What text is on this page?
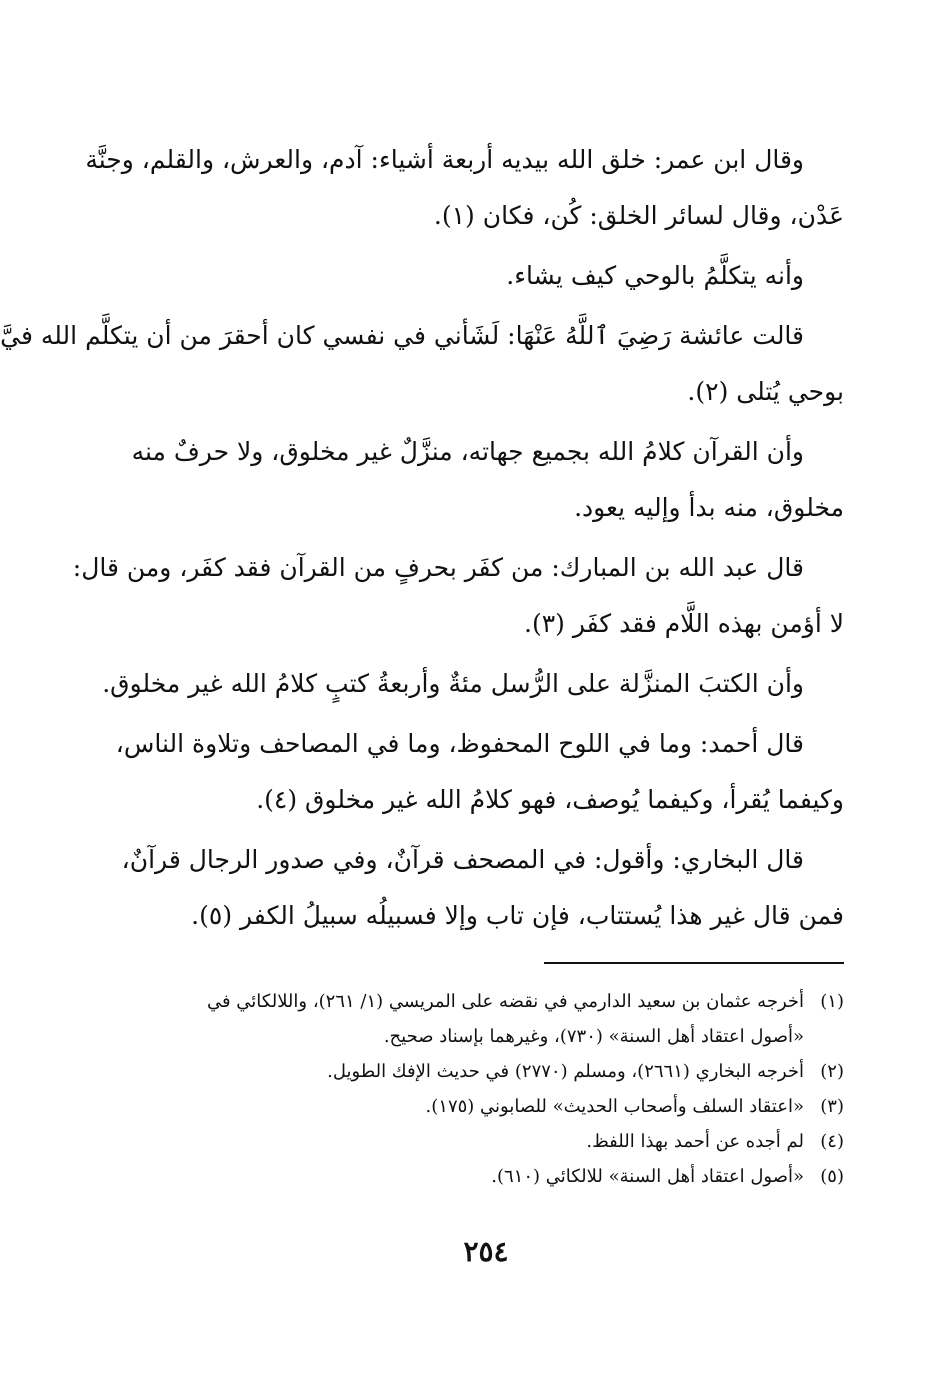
وقال ابن عمر: خلق الله بيديه أربعة أشياء: آدم، والعرش، والقلم، وجنَّة
عَدْن، وقال لسائر الخلق: كُن، فكان (١).
وأنه يتكلَّمُ بالوحي كيف يشاء.
قالت عائشة رَضِيَ ٱللَّهُ عَنْهَا: لَشَأني في نفسي كان أحقرَ من أن يتكلَّم الله فيَّ
بوحي يُتلى (٢).
وأن القرآن كلامُ الله بجميع جهاته، منزَّلٌ غير مخلوق، ولا حرفٌ منه
مخلوق، منه بدأ وإليه يعود.
قال عبد الله بن المبارك: من كفَر بحرفٍ من القرآن فقد كفَر، ومن قال:
لا أؤمن بهذه اللَّام فقد كفَر (٣).
وأن الكتبَ المنزَّلة على الرُّسل مئةٌ وأربعةُ كتبٍ كلامُ الله غير مخلوق.
قال أحمد: وما في اللوح المحفوظ، وما في المصاحف وتلاوة الناس،
وكيفما يُقرأ، وكيفما يُوصف، فهو كلامُ الله غير مخلوق (٤).
قال البخاري: وأقول: في المصحف قرآنٌ، وفي صدور الرجال قرآنٌ،
فمن قال غير هذا يُستتاب، فإن تاب وإلا فسبيلُه سبيلُ الكفر (٥).
(١)
أخرجه عثمان بن سعيد الدارمي في نقضه على المريسي (١/ ٢٦١)، واللالكائي في
«أصول اعتقاد أهل السنة» (٧٣٠)، وغيرهما بإسناد صحيح.
(٢)
أخرجه البخاري (٢٦٦١)، ومسلم (٢٧٧٠) في حديث الإفك الطويل.
(٣)
«اعتقاد السلف وأصحاب الحديث» للصابوني (١٧٥).
(٤)
لم أجده عن أحمد بهذا اللفظ.
(٥)
«أصول اعتقاد أهل السنة» للالكائي (٦١٠).
٢٥٤
